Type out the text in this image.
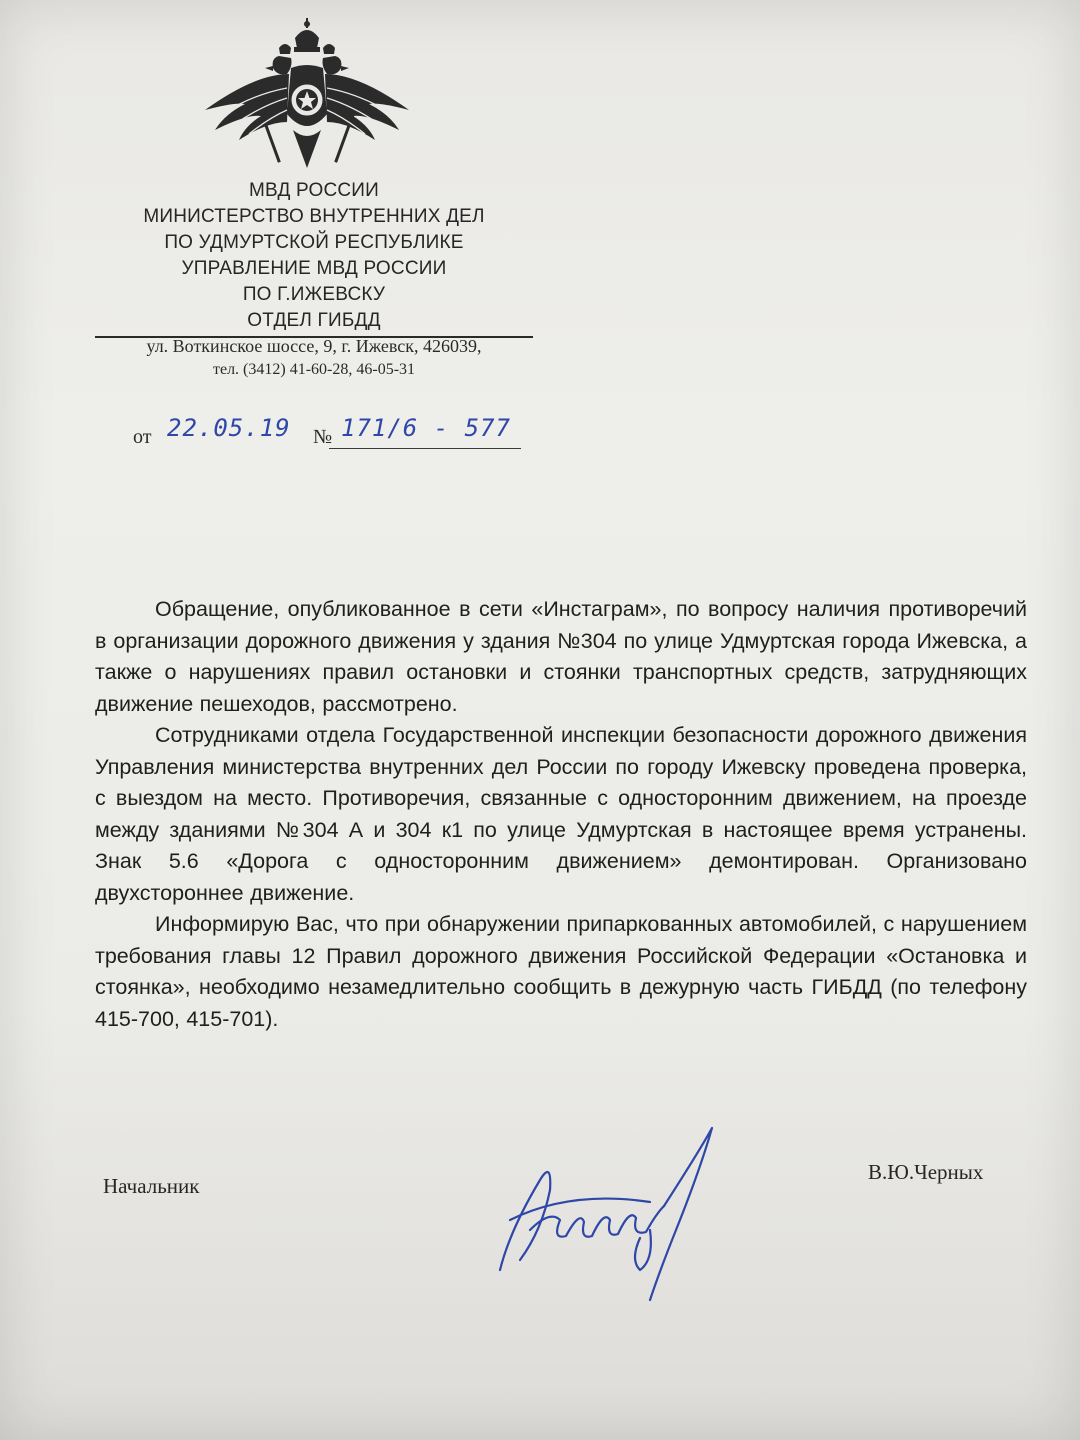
МВД РОССИИ
МИНИСТЕРСТВО ВНУТРЕННИХ ДЕЛ
ПО УДМУРТСКОЙ РЕСПУБЛИКЕ
УПРАВЛЕНИЕ МВД РОССИИ
ПО Г.ИЖЕВСКУ
ОТДЕЛ ГИБДД
ул. Воткинское шоссе, 9, г. Ижевск, 426039,
тел. (3412) 41-60-28, 46-05-31
от 22.05.19 № 171/6 - 577

Обращение, опубликованное в сети «Инстаграм», по вопросу наличия противоречий в организации дорожного движения у здания №304 по улице Удмуртская города Ижевска, а также о нарушениях правил остановки и стоянки транспортных средств, затрудняющих движение пешеходов, рассмотрено.

Сотрудниками отдела Государственной инспекции безопасности дорожного движения Управления министерства внутренних дел России по городу Ижевску проведена проверка, с выездом на место. Противоречия, связанные с односторонним движением, на проезде между зданиями №304 А и 304 к1 по улице Удмуртская в настоящее время устранены. Знак 5.6 «Дорога с односторонним движением» демонтирован. Организовано двухстороннее движение.

Информирую Вас, что при обнаружении припаркованных автомобилей, с нарушением требования главы 12 Правил дорожного движения Российской Федерации «Остановка и стоянка», необходимо незамедлительно сообщить в дежурную часть ГИБДД (по телефону 415-700, 415-701).

Начальник
В.Ю.Черных
